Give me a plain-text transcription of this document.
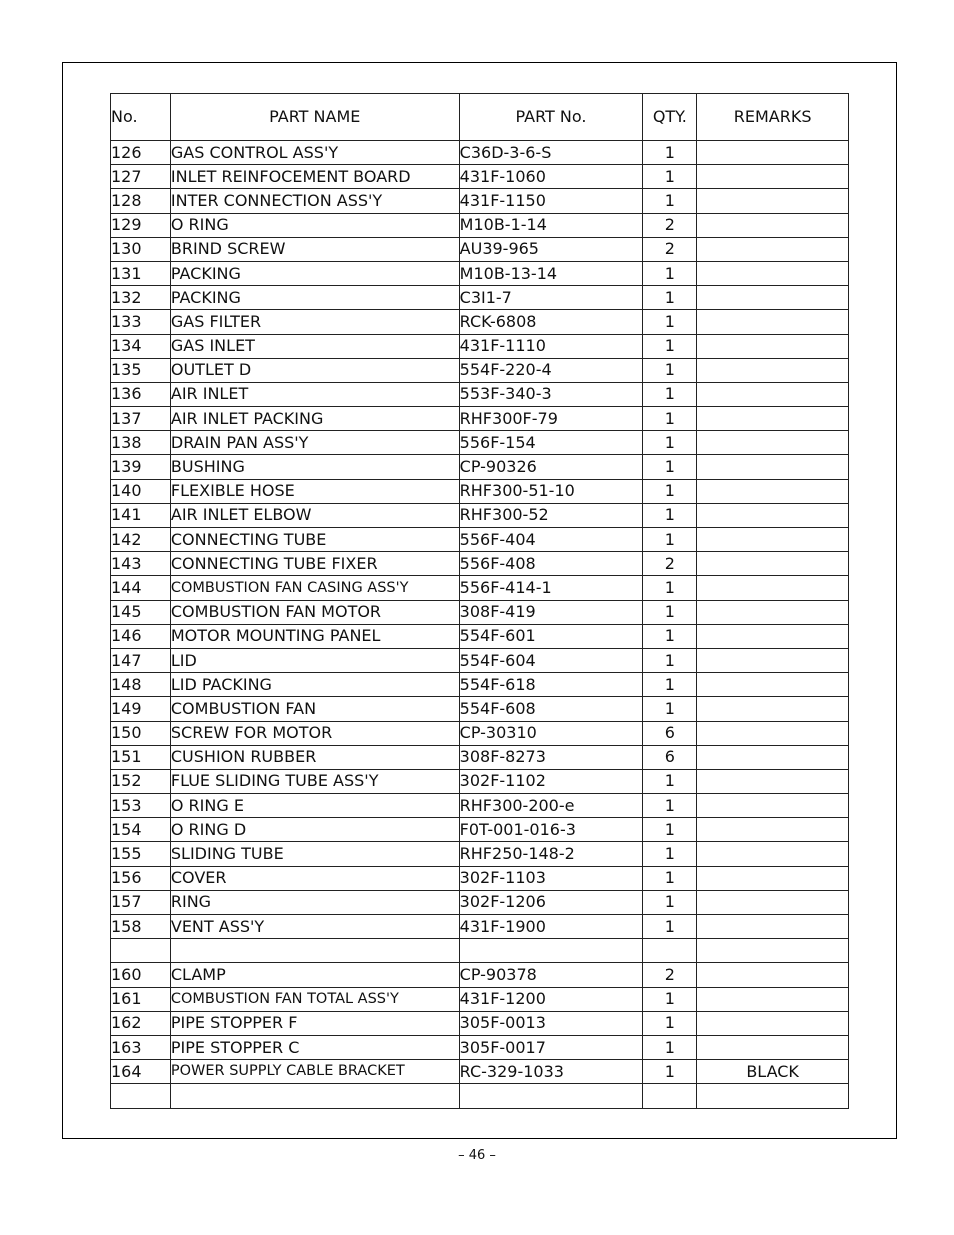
No.	PART NAME	PART No.	QTY.	REMARKS
126	GAS CONTROL ASS'Y	C36D-3-6-S	1	
127	INLET REINFOCEMENT BOARD	431F-1060	1	
128	INTER CONNECTION ASS'Y	431F-1150	1	
129	O RING	M10B-1-14	2	
130	BRIND SCREW	AU39-965	2	
131	PACKING	M10B-13-14	1	
132	PACKING	C3I1-7	1	
133	GAS FILTER	RCK-6808	1	
134	GAS INLET	431F-1110	1	
135	OUTLET D	554F-220-4	1	
136	AIR INLET	553F-340-3	1	
137	AIR INLET PACKING	RHF300F-79	1	
138	DRAIN PAN ASS'Y	556F-154	1	
139	BUSHING	CP-90326	1	
140	FLEXIBLE HOSE	RHF300-51-10	1	
141	AIR INLET ELBOW	RHF300-52	1	
142	CONNECTING TUBE	556F-404	1	
143	CONNECTING TUBE FIXER	556F-408	2	
144	COMBUSTION FAN CASING ASS'Y	556F-414-1	1	
145	COMBUSTION FAN MOTOR	308F-419	1	
146	MOTOR MOUNTING PANEL	554F-601	1	
147	LID	554F-604	1	
148	LID PACKING	554F-618	1	
149	COMBUSTION FAN	554F-608	1	
150	SCREW FOR MOTOR	CP-30310	6	
151	CUSHION RUBBER	308F-8273	6	
152	FLUE SLIDING TUBE ASS'Y	302F-1102	1	
153	O RING E	RHF300-200-e	1	
154	O RING D	F0T-001-016-3	1	
155	SLIDING TUBE	RHF250-148-2	1	
156	COVER	302F-1103	1	
157	RING	302F-1206	1	
158	VENT ASS'Y	431F-1900	1	

160	CLAMP	CP-90378	2	
161	COMBUSTION FAN TOTAL ASS'Y	431F-1200	1	
162	PIPE STOPPER F	305F-0013	1	
163	PIPE STOPPER C	305F-0017	1	
164	POWER SUPPLY CABLE BRACKET	RC-329-1033	1	BLACK

– 46 –
